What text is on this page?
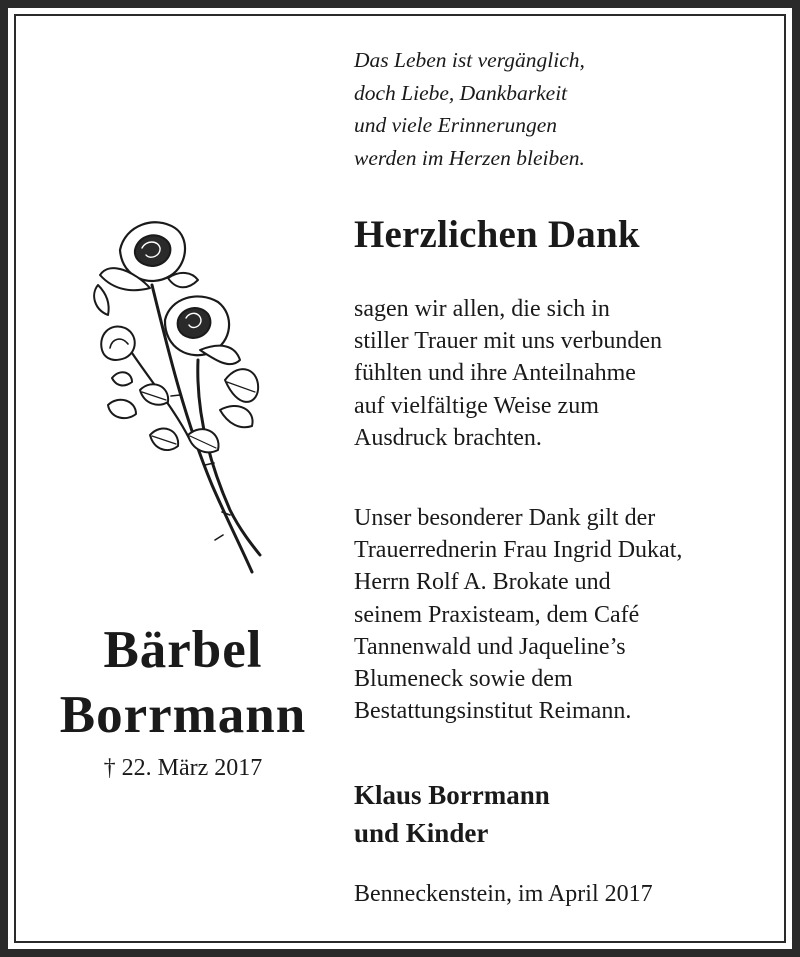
Das Leben ist vergänglich,
doch Liebe, Dankbarkeit
und viele Erinnerungen
werden im Herzen bleiben.
Herzlichen Dank
sagen wir allen, die sich in
stiller Trauer mit uns verbunden
fühlten und ihre Anteilnahme
auf vielfältige Weise zum
Ausdruck brachten.
Unser besonderer Dank gilt der
Trauerrednerin Frau Ingrid Dukat,
Herrn Rolf A. Brokate und
seinem Praxisteam, dem Café
Tannenwald und Jaqueline’s
Blumeneck sowie dem
Bestattungsinstitut Reimann.
Klaus Borrmann
und Kinder
Benneckenstein, im April 2017
Bärbel
Borrmann
† 22. März 2017
